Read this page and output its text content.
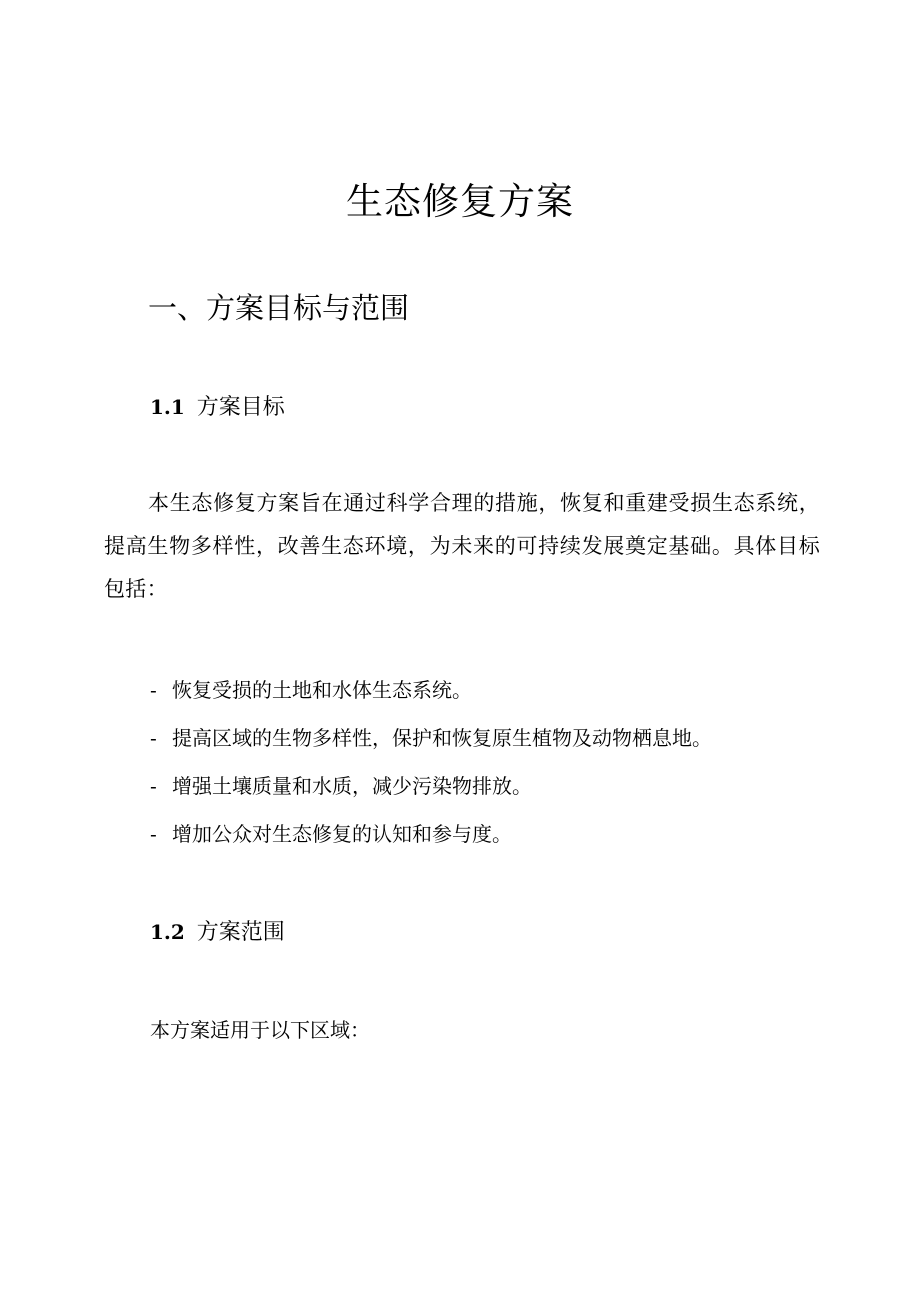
生态修复方案
一、方案目标与范围
1.1 方案目标
本生态修复方案旨在通过科学合理的措施，恢复和重建受损生态系统，提高生物多样性，改善生态环境，为未来的可持续发展奠定基础。具体目标包括：
- 恢复受损的土地和水体生态系统。
- 提高区域的生物多样性，保护和恢复原生植物及动物栖息地。
- 增强土壤质量和水质，减少污染物排放。
- 增加公众对生态修复的认知和参与度。
1.2 方案范围
本方案适用于以下区域：
